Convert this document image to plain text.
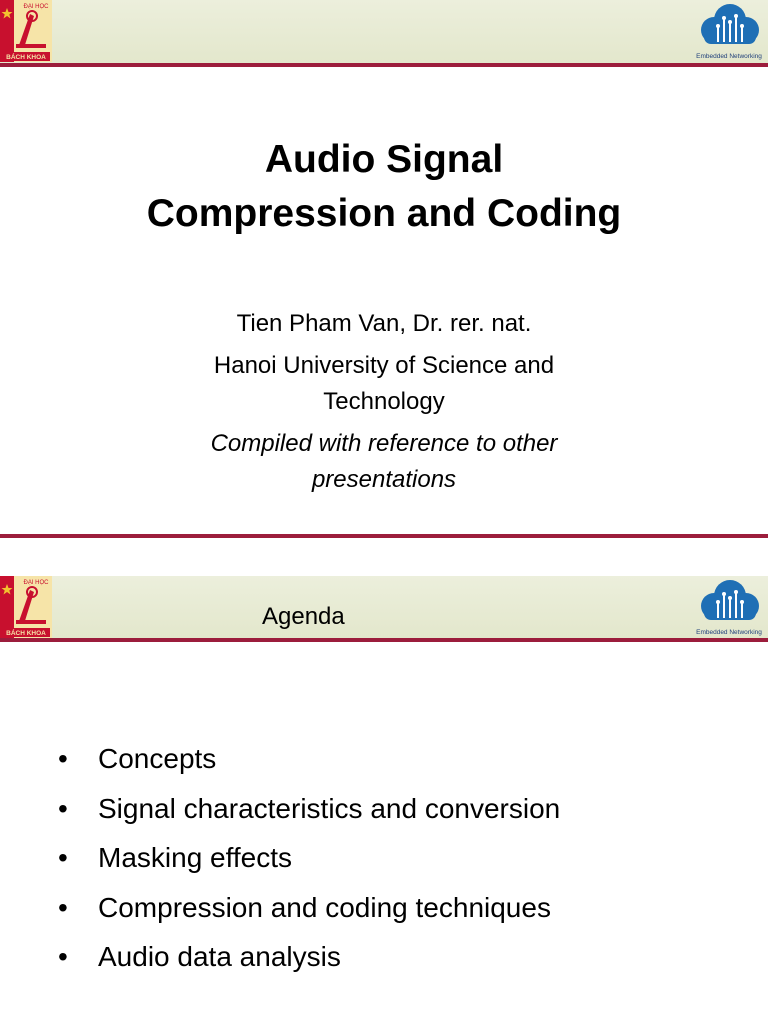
ĐẠI HỌC
BÁCH KHOA	Embedded Networking
Audio Signal
Compression and Coding

Tien Pham Van, Dr. rer. nat.

Hanoi University of Science and
Technology

Compiled with reference to other
presentations

ĐẠI HỌC
BÁCH KHOA
Agenda
Embedded Networking
• Concepts
• Signal characteristics and conversion
• Masking effects
• Compression and coding techniques
• Audio data analysis
